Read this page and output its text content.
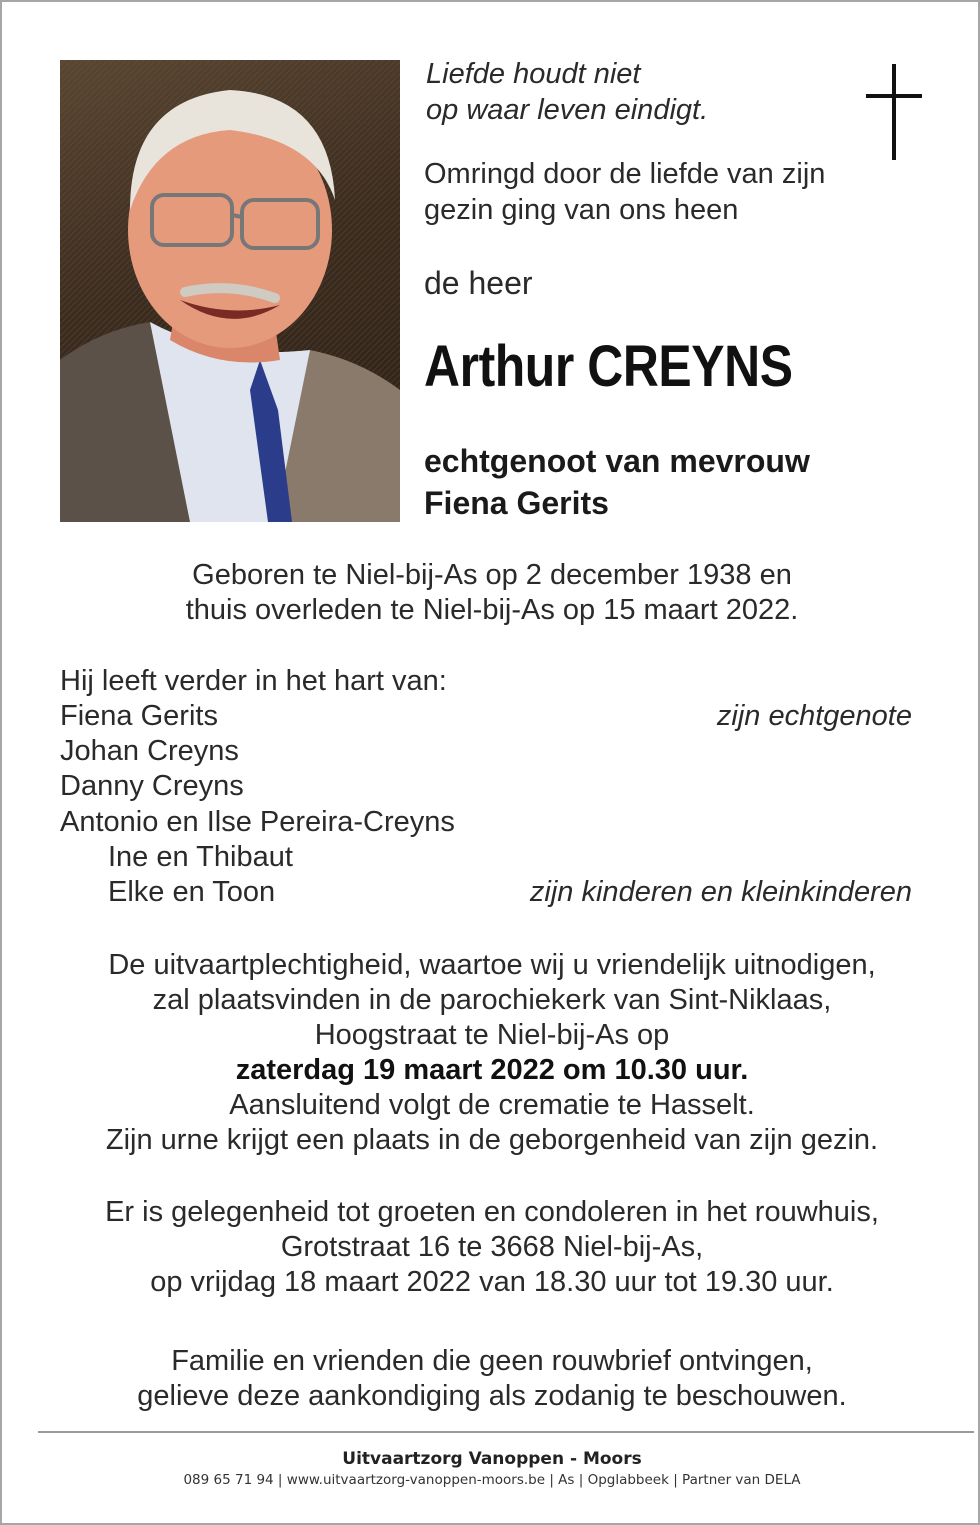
Liefde houdt niet
op waar leven eindigt.
Omringd door de liefde van zijn
gezin ging van ons heen
de heer
Arthur CREYNS
echtgenoot van mevrouw
Fiena Gerits
Geboren te Niel-bij-As op 2 december 1938 en
thuis overleden te Niel-bij-As op 15 maart 2022.
Hij leeft verder in het hart van:
Fiena Gerits	zijn echtgenote
Johan Creyns
Danny Creyns
Antonio en Ilse Pereira-Creyns
Ine en Thibaut
Elke en Toon	zijn kinderen en kleinkinderen
De uitvaartplechtigheid, waartoe wij u vriendelijk uitnodigen,
zal plaatsvinden in de parochiekerk van Sint-Niklaas,
Hoogstraat te Niel-bij-As op
zaterdag 19 maart 2022 om 10.30 uur.
Aansluitend volgt de crematie te Hasselt.
Zijn urne krijgt een plaats in de geborgenheid van zijn gezin.
Er is gelegenheid tot groeten en condoleren in het rouwhuis,
Grotstraat 16 te 3668 Niel-bij-As,
op vrijdag 18 maart 2022 van 18.30 uur tot 19.30 uur.
Familie en vrienden die geen rouwbrief ontvingen,
gelieve deze aankondiging als zodanig te beschouwen.
Uitvaartzorg Vanoppen - Moors
089 65 71 94 | www.uitvaartzorg-vanoppen-moors.be | As | Opglabbeek | Partner van DELA
